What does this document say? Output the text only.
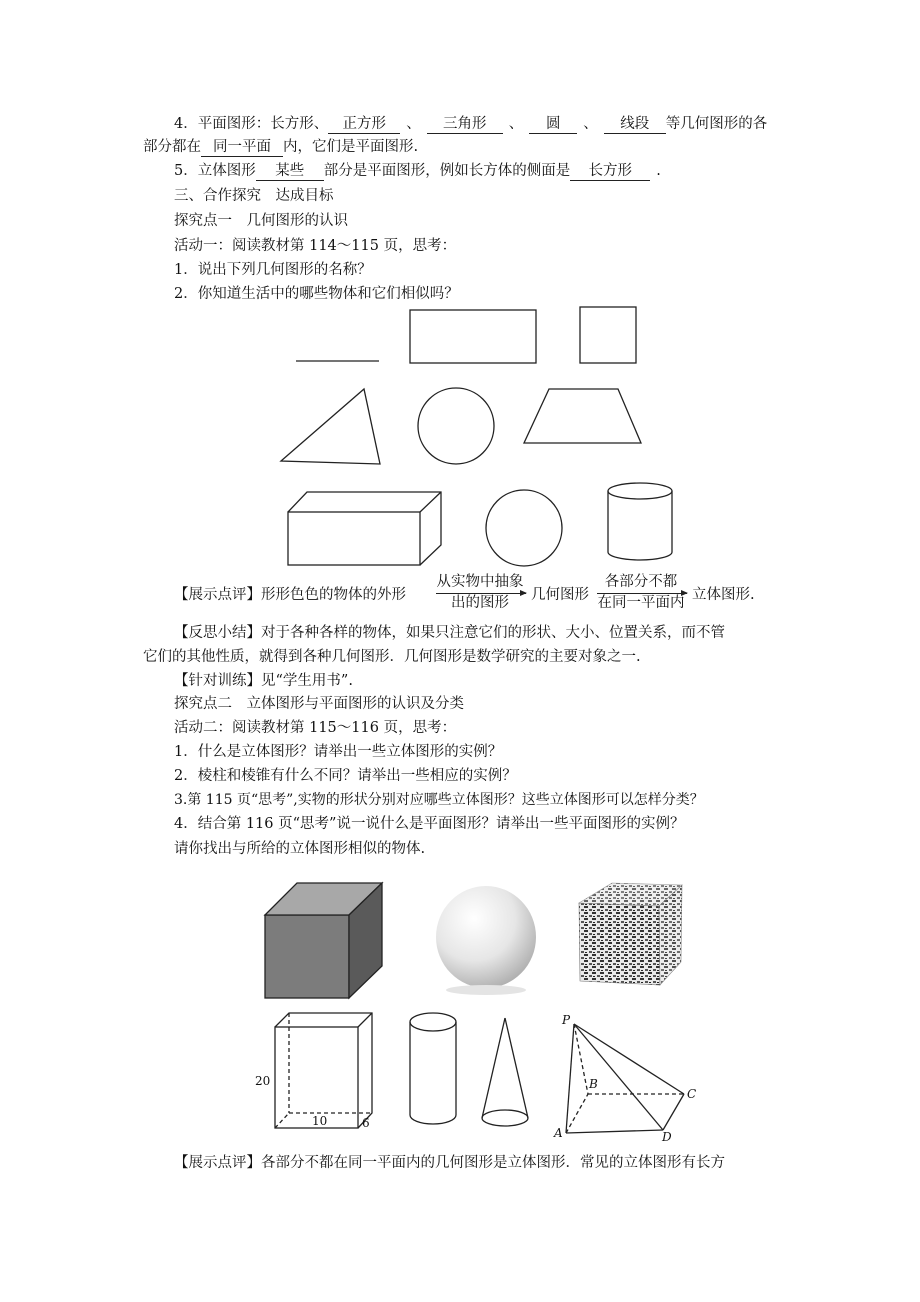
4．平面图形：长方形、 正方形 、 三角形 、 圆 、 线段 等几何图形的各
部分都在 同一平面 内，它们是平面图形.
5．立体图形 某些 部分是平面图形，例如长方体的侧面是 长方形 .
三、合作探究　达成目标
探究点一　几何图形的认识
活动一：阅读教材第 114～115 页，思考：
1．说出下列几何图形的名称？
2．你知道生活中的哪些物体和它们相似吗？
【展示点评】形形色色的物体的外形
从实物中抽象
出的图形	几何图形
各部分不都
在同一平面内 立体图形.
【反思小结】对于各种各样的物体，如果只注意它们的形状、大小、位置关系，而不管
它们的其他性质，就得到各种几何图形．几何图形是数学研究的主要对象之一.
【针对训练】见“学生用书”.
探究点二　立体图形与平面图形的认识及分类
活动二：阅读教材第 115～116 页，思考：
1．什么是立体图形？请举出一些立体图形的实例？
2．棱柱和棱锥有什么不同？请举出一些相应的实例？
3.第 115 页“思考”,实物的形状分别对应哪些立体图形？这些立体图形可以怎样分类？
4．结合第 116 页“思考”说一说什么是平面图形？请举出一些平面图形的实例？
请你找出与所给的立体图形相似的物体.
20
10	6
P
B
C
A	D
【展示点评】各部分不都在同一平面内的几何图形是立体图形．常见的立体图形有长方
